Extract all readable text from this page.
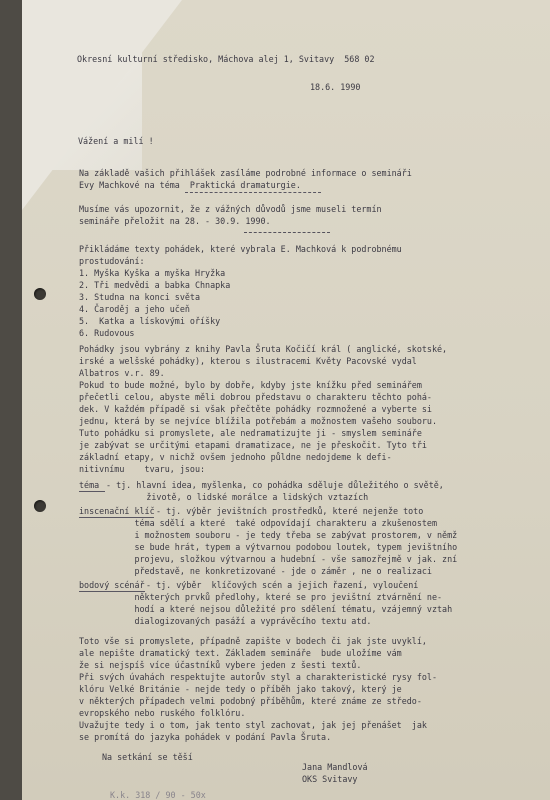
Okresní kulturní středisko, Máchova alej 1, Svitavy  568 02

18.6. 1990

Vážení a milí !

Na základě vašich přihlášek zasíláme podrobné informace o semináři

Evy Machkové na téma  Praktická dramaturgie.

Musíme vás upozornit, že z vážných důvodů jsme museli termín

semináře přeložit na 28. - 30.9. 1990.

Přikládáme texty pohádek, které vybrala E. Machková k podrobnému

prostudování:

1. Myška Kyška a myška Hryžka

2. Tři medvědi a babka Chnapka

3. Studna na konci světa

4. Čaroděj a jeho učeň

5.  Katka a lískovými oříšky

6. Rudovous

Pohádky jsou vybrány z knihy Pavla Šruta Kočičí král ( anglické, skotské,

irské a welšské pohádky), kterou s ilustracemi Květy Pacovské vydal

Albatros v.r. 89.

Pokud to bude možné, bylo by dobře, kdyby jste knížku před seminářem

přečetli celou, abyste měli dobrou představu o charakteru těchto pohá-

dek. V každém případě si však přečtěte pohádky rozmnožené a vyberte si

jednu, která by se nejvíce blížila potřebám a možnostem vašeho souboru.

Tuto pohádku si promyslete, ale nedramatizujte ji - smyslem semináře

je zabývat se určitými etapami dramatizace, ne je přeskočit. Tyto tři

základní etapy, v nichž ovšem jednoho půldne nedojdeme k defi-

nitivnímu    tvaru, jsou:

téma - tj. hlavní idea, myšlenka, co pohádka sděluje důležitého o světě,

životě, o lidské morálce a lidských vztazích

inscenační klíč - tj. výběr jevištních prostředků, které nejenže toto

téma sdělí a které  také odpovídají charakteru a zkušenostem

i možnostem souboru - je tedy třeba se zabývat prostorem, v němž

se bude hrát, typem a výtvarnou podobou loutek, typem jevištního

projevu, složkou výtvarnou a hudební - vše samozřejmě v jak. zní

představě, ne konkretizované - jde o záměr , ne o realizaci

bodový scénář - tj. výběr  klíčových scén a jejich řazení, vyloučení

některých prvků předlohy, které se pro jevištní ztvárnění ne-

hodí a které nejsou důležité pro sdělení tématu, vzájemný vztah

dialogizovaných pasáží a vyprávěcího textu atd.

Toto vše si promyslete, případně zapište v bodech či jak jste uvyklí,

ale nepište dramatický text. Základem semináře  bude uložíme vám

že si nejspíš více účastníků vybere jeden z šesti textů.

Při svých úvahách respektujte autorův styl a charakteristické rysy fol-

klóru Velké Británie - nejde tedy o příběh jako takový, který je

v některých případech velmi podobný příběhům, které známe ze středo-

evropského nebo ruského folklóru.

Uvažujte tedy i o tom, jak tento styl zachovat, jak jej přenášet  jak

se promítá do jazyka pohádek v podání Pavla Šruta.

Na setkání se těší

Jana Mandlová

OKS Svitavy

K.k. 318 / 90 - 50x
